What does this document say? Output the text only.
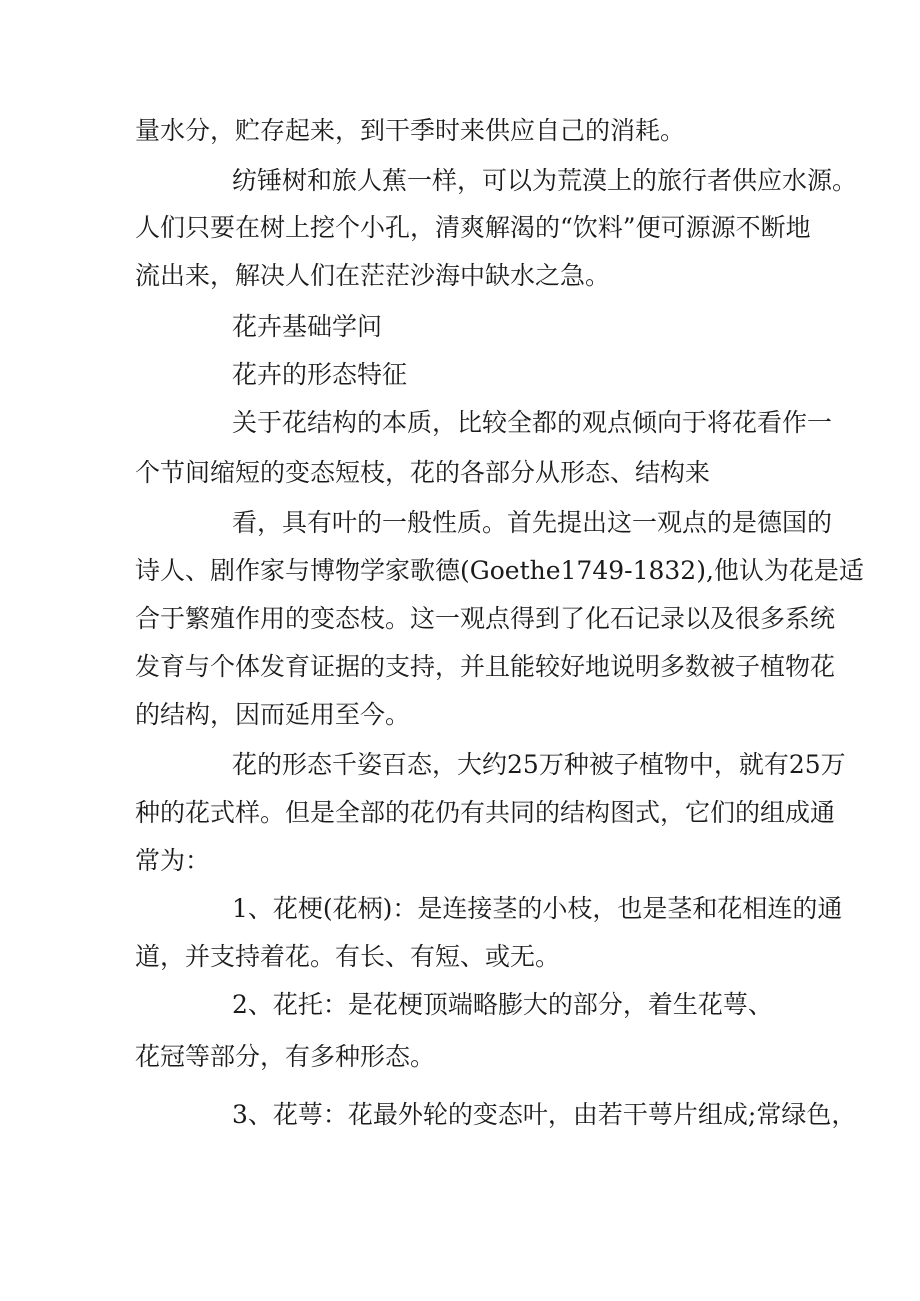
量水分，贮存起来，到干季时来供应自己的消耗。
纺锤树和旅人蕉一样，可以为荒漠上的旅行者供应水源。
人们只要在树上挖个小孔，清爽解渴的“饮料”便可源源不断地
流出来，解决人们在茫茫沙海中缺水之急。
花卉基础学问
花卉的形态特征
关于花结构的本质，比较全都的观点倾向于将花看作一
个节间缩短的变态短枝，花的各部分从形态、结构来
看，具有叶的一般性质。首先提出这一观点的是德国的
诗人、剧作家与博物学家歌德(Goethe1749-1832),他认为花是适
合于繁殖作用的变态枝。这一观点得到了化石记录以及很多系统
发育与个体发育证据的支持，并且能较好地说明多数被子植物花
的结构，因而延用至今。
花的形态千姿百态，大约25万种被子植物中，就有25万
种的花式样。但是全部的花仍有共同的结构图式，它们的组成通
常为：
1、花梗(花柄)：是连接茎的小枝，也是茎和花相连的通
道，并支持着花。有长、有短、或无。
2、花托：是花梗顶端略膨大的部分，着生花萼、
花冠等部分，有多种形态。
3、花萼：花最外轮的变态叶，由若干萼片组成;常绿色，
